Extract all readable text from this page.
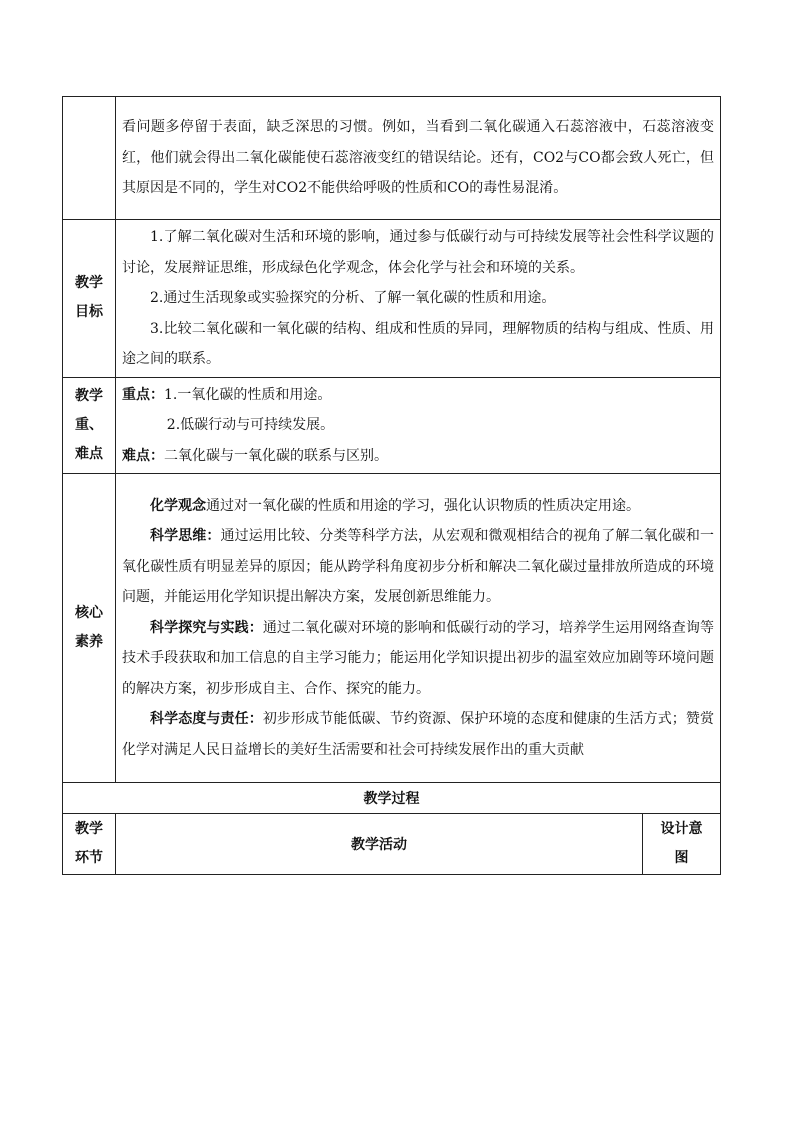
	看问题多停留于表面，缺乏深思的习惯。例如，当看到二氧化碳通入石蕊溶液中，石蕊溶液变红，他们就会得出二氧化碳能使石蕊溶液变红的错误结论。还有，CO2与CO都会致人死亡，但其原因是不同的，学生对CO2不能供给呼吸的性质和CO的毒性易混淆。	

教学目标	1.了解二氧化碳对生活和环境的影响，通过参与低碳行动与可持续发展等社会性科学议题的讨论，发展辩证思维，形成绿色化学观念，体会化学与社会和环境的关系。

2.通过生活现象或实验探究的分析、了解一氧化碳的性质和用途。

3.比较二氧化碳和一氧化碳的结构、组成和性质的异同，理解物质的结构与组成、性质、用途之间的联系。	

教学重、难点	重点：1.一氧化碳的性质和用途。

2.低碳行动与可持续发展。

难点：二氧化碳与一氧化碳的联系与区别。	

核心素养	化学观念通过对一氧化碳的性质和用途的学习，强化认识物质的性质决定用途。

科学思维：通过运用比较、分类等科学方法，从宏观和微观相结合的视角了解二氧化碳和一氧化碳性质有明显差异的原因；能从跨学科角度初步分析和解决二氧化碳过量排放所造成的环境问题，并能运用化学知识提出解决方案，发展创新思维能力。

科学探究与实践：通过二氧化碳对环境的影响和低碳行动的学习，培养学生运用网络查询等技术手段获取和加工信息的自主学习能力；能运用化学知识提出初步的温室效应加剧等环境问题的解决方案，初步形成自主、合作、探究的能力。

科学态度与责任：初步形成节能低碳、节约资源、保护环境的态度和健康的生活方式；赞赏化学对满足人民日益增长的美好生活需要和社会可持续发展作出的重大贡献	

教学过程		

教学环节	教学活动	设计意图
